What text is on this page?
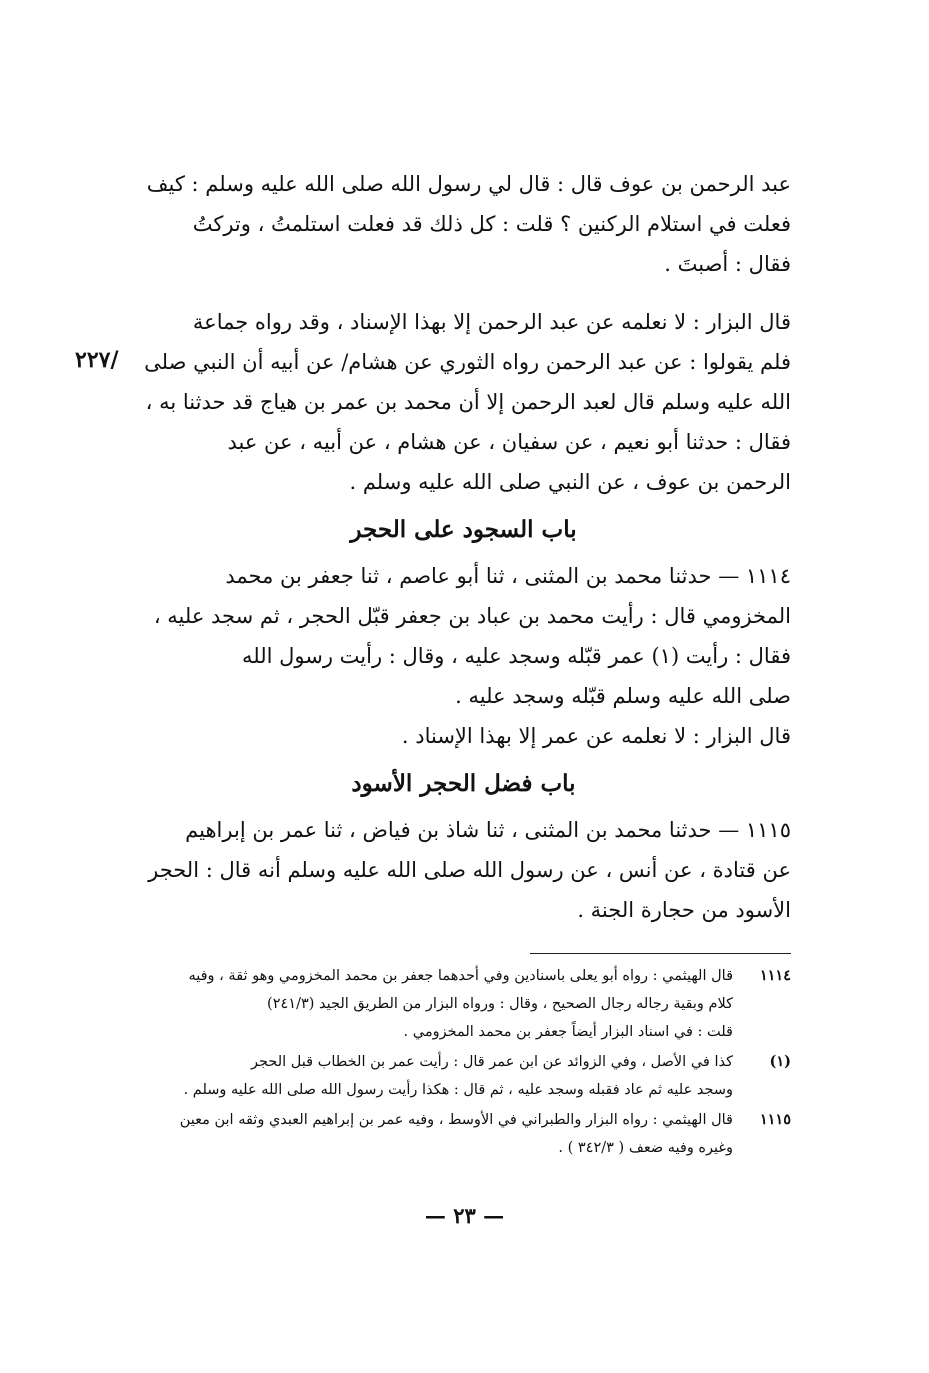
/٢٢٧
عبد الرحمن بن عوف قال : قال لي رسول الله صلى الله عليه وسلم : كيف
فعلت في استلام الركنين ؟ قلت : كل ذلك قد فعلت استلمتُ ، وتركتُ
فقال : أصبتَ .
قال البزار : لا نعلمه عن عبد الرحمن إلا بهذا الإسناد ، وقد رواه جماعة
فلم يقولوا : عن عبد الرحمن رواه الثوري عن هشام/ عن أبيه أن النبي صلى
الله عليه وسلم قال لعبد الرحمن إلا أن محمد بن عمر بن هياج قد حدثنا به ،
فقال : حدثنا أبو نعيم ، عن سفيان ، عن هشام ، عن أبيه ، عن عبد
الرحمن بن عوف ، عن النبي صلى الله عليه وسلم .
باب السجود على الحجر
١١١٤ — حدثنا محمد بن المثنى ، ثنا أبو عاصم ، ثنا جعفر بن محمد
المخزومي قال : رأيت محمد بن عباد بن جعفر قبّل الحجر ، ثم سجد عليه ،
فقال : رأيت (١) عمر قبّله وسجد عليه ، وقال : رأيت رسول الله
صلى الله عليه وسلم قبّله وسجد عليه .
قال البزار : لا نعلمه عن عمر إلا بهذا الإسناد .
باب فضل الحجر الأسود
١١١٥ — حدثنا محمد بن المثنى ، ثنا شاذ بن فياض ، ثنا عمر بن إبراهيم
عن قتادة ، عن أنس ، عن رسول الله صلى الله عليه وسلم أنه قال : الحجر
الأسود من حجارة الجنة .
١١١٤
قال الهيثمي : رواه أبو يعلى باسنادين وفي أحدهما جعفر بن محمد المخزومي وهو ثقة ، وفيه
كلام وبقية رجاله رجال الصحيح ، وقال : ورواه البزار من الطريق الجيد (٢٤١/٣)
قلت : في اسناد البزار أيضاً جعفر بن محمد المخزومي .
(١)
كذا في الأصل ، وفي الزوائد عن ابن عمر قال : رأيت عمر بن الخطاب قبل الحجر
وسجد عليه ثم عاد فقبله وسجد عليه ، ثم قال : هكذا رأيت رسول الله صلى الله عليه وسلم .
١١١٥
قال الهيثمي : رواه البزار والطبراني في الأوسط ، وفيه عمر بن إبراهيم العبدي وثقه ابن معين
وغيره وفيه ضعف ( ٣٤٢/٣ ) .
— ٢٣ —
